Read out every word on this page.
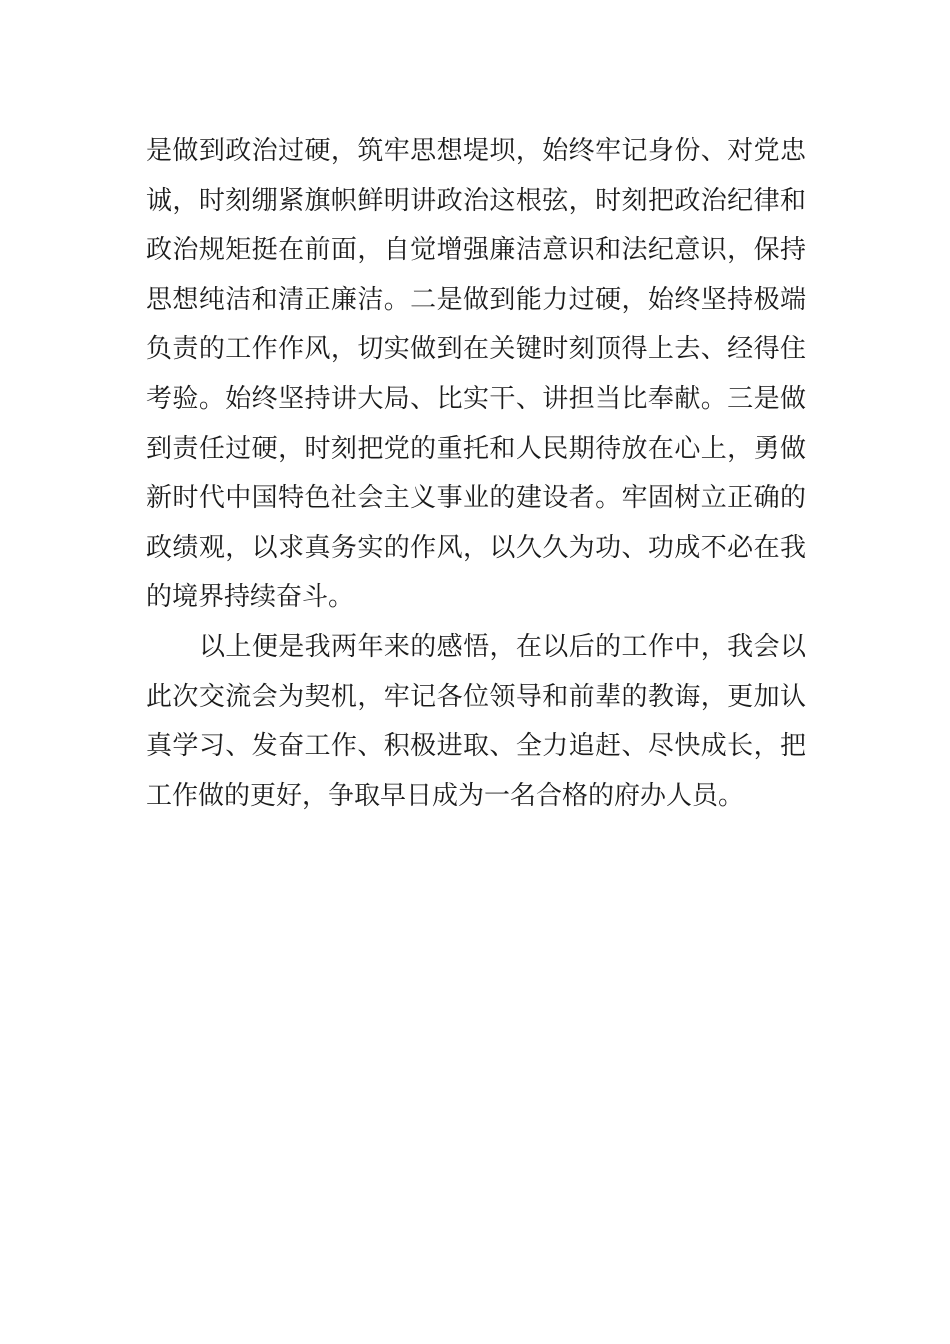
是做到政治过硬，筑牢思想堤坝，始终牢记身份、对党忠
诚，时刻绷紧旗帜鲜明讲政治这根弦，时刻把政治纪律和
政治规矩挺在前面，自觉增强廉洁意识和法纪意识，保持
思想纯洁和清正廉洁。二是做到能力过硬，始终坚持极端
负责的工作作风，切实做到在关键时刻顶得上去、经得住
考验。始终坚持讲大局、比实干、讲担当比奉献。三是做
到责任过硬，时刻把党的重托和人民期待放在心上，勇做
新时代中国特色社会主义事业的建设者。牢固树立正确的
政绩观，以求真务实的作风，以久久为功、功成不必在我
的境界持续奋斗。
以上便是我两年来的感悟，在以后的工作中，我会以
此次交流会为契机，牢记各位领导和前辈的教诲，更加认
真学习、发奋工作、积极进取、全力追赶、尽快成长，把
工作做的更好，争取早日成为一名合格的府办人员。
